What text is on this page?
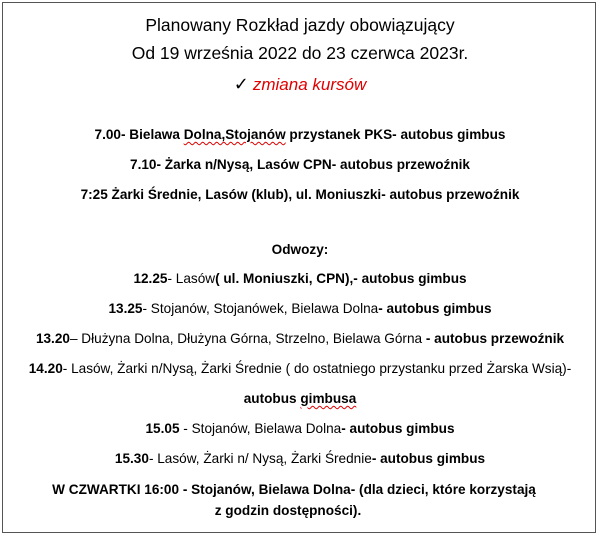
Planowany Rozkład jazdy obowiązujący
Od 19 września 2022 do 23 czerwca 2023r.
✓ zmiana kursów
7.00- Bielawa Dolna,Stojanów przystanek PKS- autobus gimbus
7.10- Żarka n/Nysą, Lasów CPN- autobus przewoźnik
7:25 Żarki Średnie, Lasów (klub), ul. Moniuszki- autobus przewoźnik
Odwozy:
12.25- Lasów( ul. Moniuszki, CPN),- autobus gimbus
13.25- Stojanów, Stojanówek, Bielawa Dolna- autobus gimbus
13.20– Dłużyna Dolna, Dłużyna Górna, Strzelno, Bielawa Górna - autobus przewoźnik
14.20- Lasów, Żarki n/Nysą, Żarki Średnie ( do ostatniego przystanku przed Żarska Wsią)-
autobus gimbusa
15.05 - Stojanów, Bielawa Dolna- autobus gimbus
15.30- Lasów, Żarki n/ Nysą, Żarki Średnie- autobus gimbus
W CZWARTKI 16:00 - Stojanów, Bielawa Dolna- (dla dzieci, które korzystają
z godzin dostępności).
